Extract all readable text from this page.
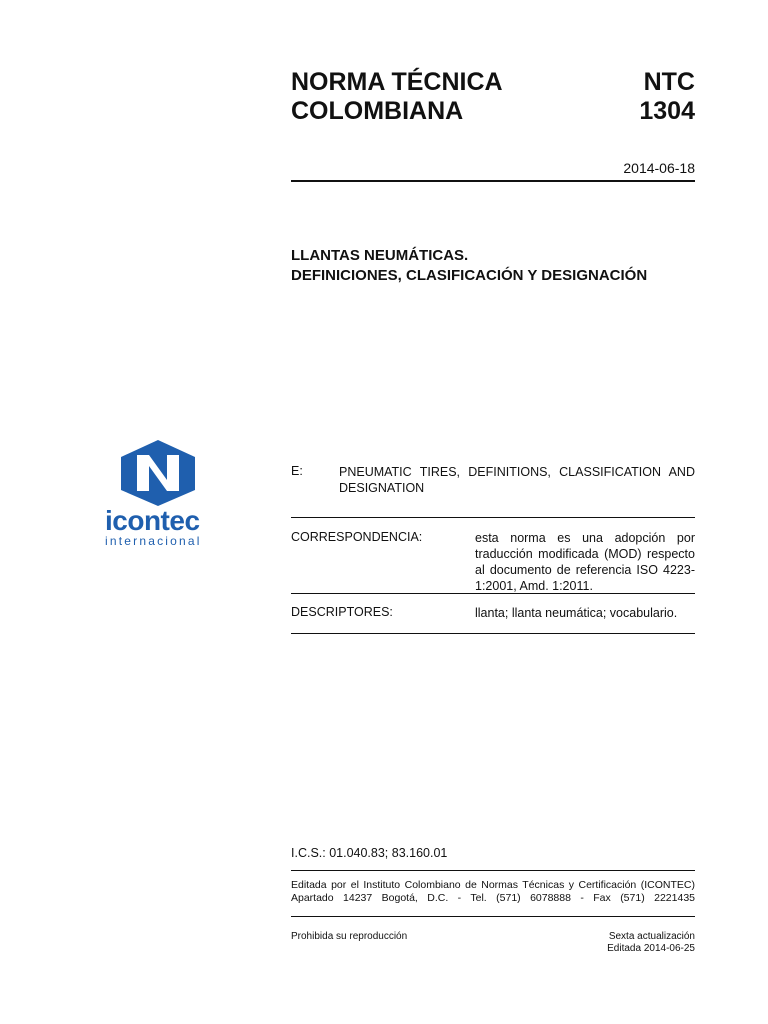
NORMA TÉCNICA
COLOMBIANA
NTC
1304
2014-06-18
LLANTAS NEUMÁTICAS.
DEFINICIONES, CLASIFICACIÓN Y DESIGNACIÓN
icontec
internacional
E:	PNEUMATIC TIRES, DEFINITIONS, CLASSIFICATION AND DESIGNATION
CORRESPONDENCIA:	esta norma es una adopción por traducción modificada (MOD) respecto al documento de referencia ISO 4223-1:2001, Amd. 1:2011.
DESCRIPTORES:	llanta; llanta neumática; vocabulario.
I.C.S.: 01.040.83; 83.160.01
Editada por el Instituto Colombiano de Normas Técnicas y Certificación (ICONTEC)
Apartado 14237 Bogotá, D.C. - Tel. (571) 6078888 - Fax (571) 2221435
Prohibida su reproducción	Sexta actualización
Editada 2014-06-25
